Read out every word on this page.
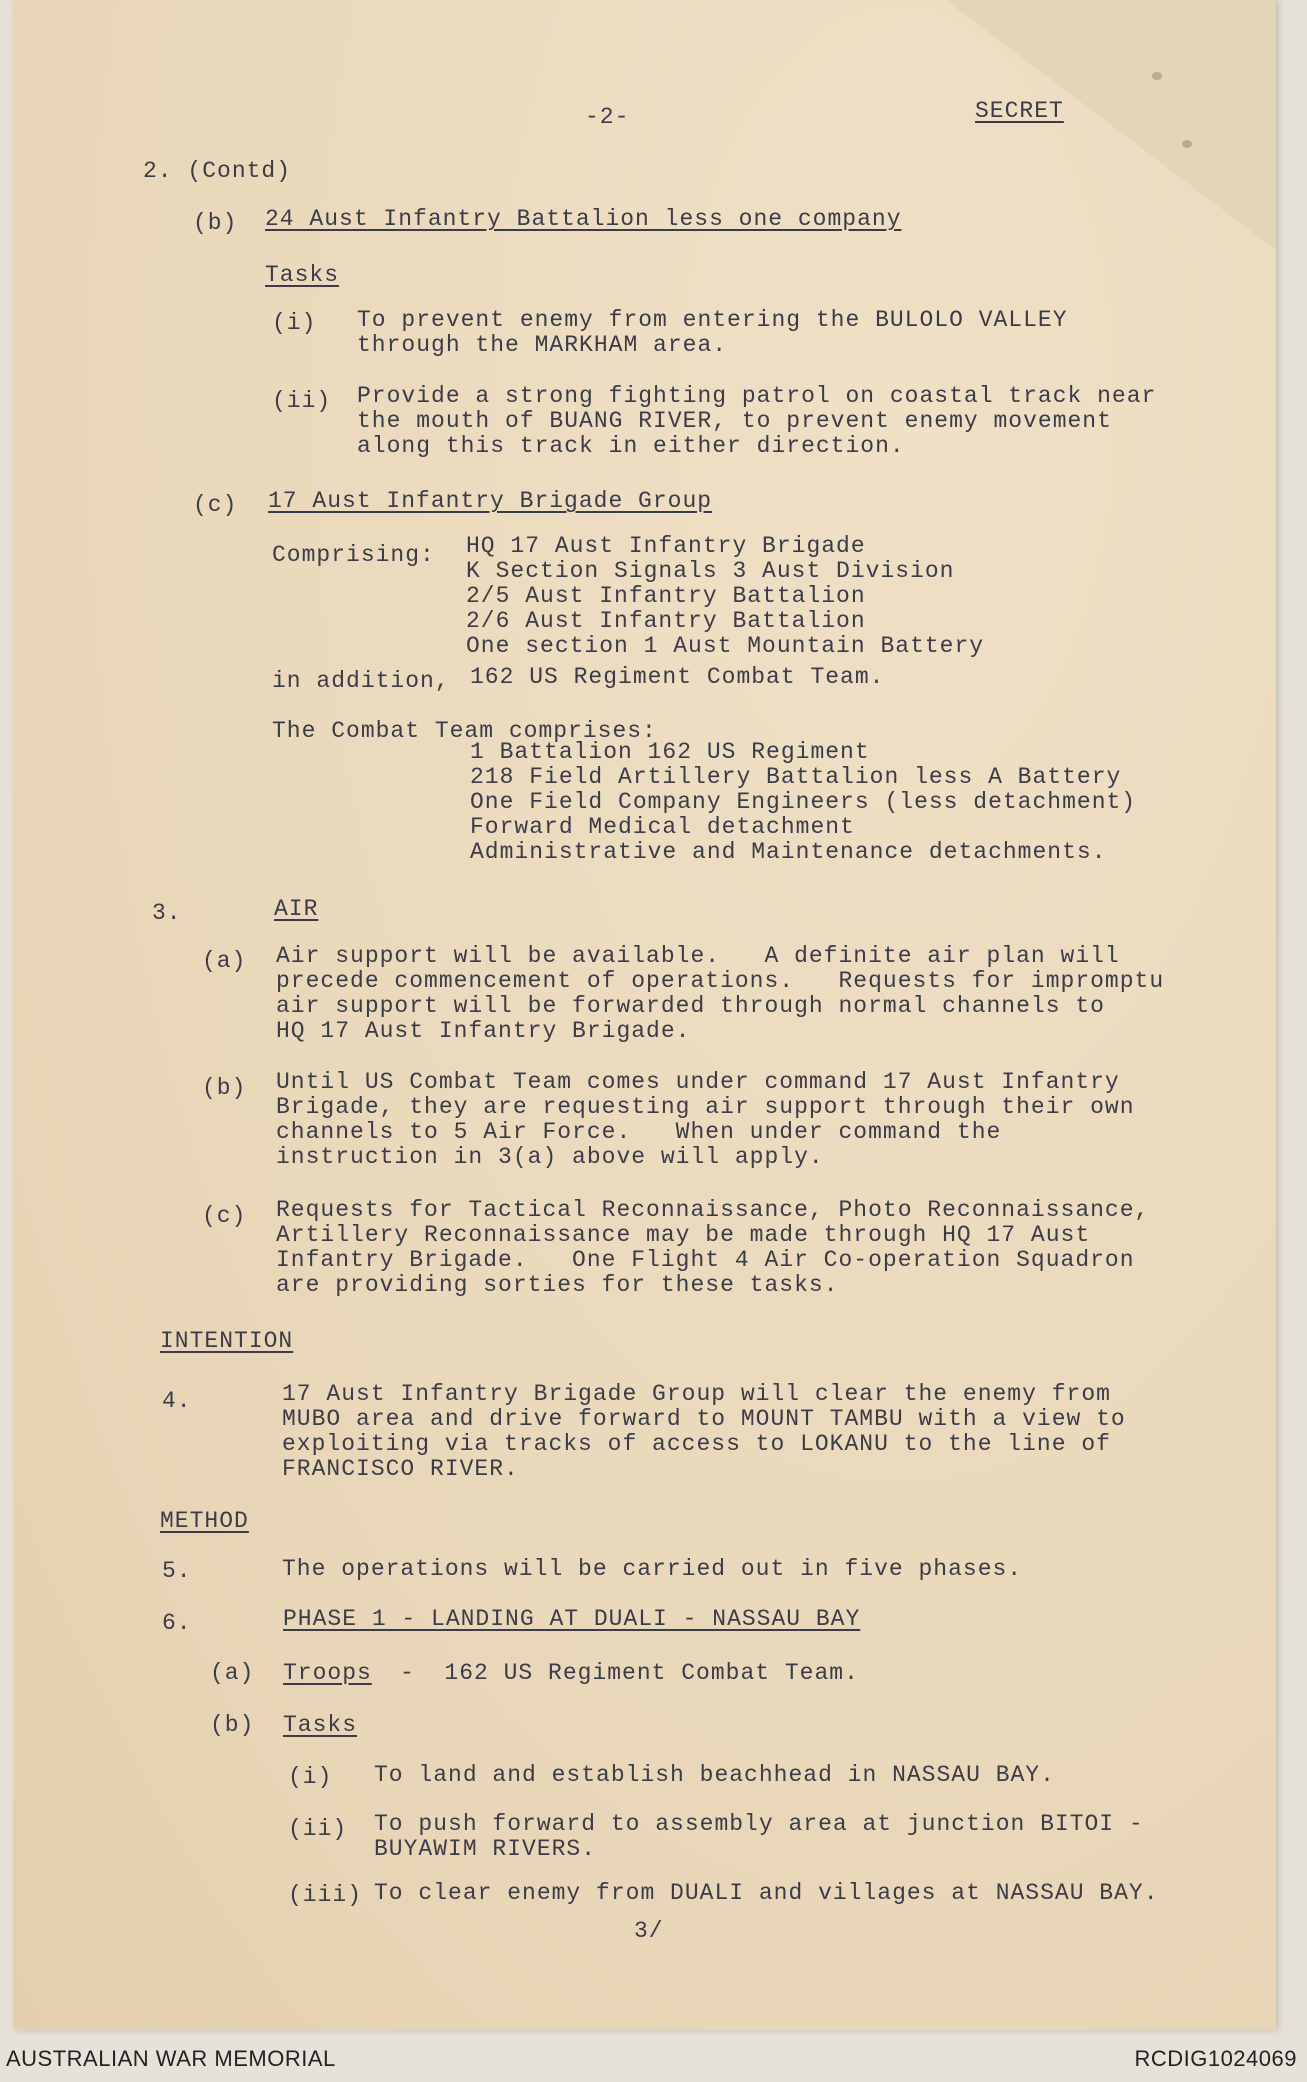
-2-	SECRET
2. (Contd)
(b) 24 Aust Infantry Battalion less one company
Tasks
(i) To prevent enemy from entering the BULOLO VALLEY
through the MARKHAM area.
(ii) Provide a strong fighting patrol on coastal track near
the mouth of BUANG RIVER, to prevent enemy movement
along this track in either direction.
(c) 17 Aust Infantry Brigade Group
Comprising: HQ 17 Aust Infantry Brigade
K Section Signals 3 Aust Division
2/5 Aust Infantry Battalion
2/6 Aust Infantry Battalion
One section 1 Aust Mountain Battery
in addition, 162 US Regiment Combat Team.
The Combat Team comprises:
1 Battalion 162 US Regiment
218 Field Artillery Battalion less A Battery
One Field Company Engineers (less detachment)
Forward Medical detachment
Administrative and Maintenance detachments.
3.	AIR
(a) Air support will be available.   A definite air plan will
precede commencement of operations.   Requests for impromptu
air support will be forwarded through normal channels to
HQ 17 Aust Infantry Brigade.
(b) Until US Combat Team comes under command 17 Aust Infantry
Brigade, they are requesting air support through their own
channels to 5 Air Force.   When under command the
instruction in 3(a) above will apply.
(c) Requests for Tactical Reconnaissance, Photo Reconnaissance,
Artillery Reconnaissance may be made through HQ 17 Aust
Infantry Brigade.   One Flight 4 Air Co-operation Squadron
are providing sorties for these tasks.
INTENTION
4.	17 Aust Infantry Brigade Group will clear the enemy from
MUBO area and drive forward to MOUNT TAMBU with a view to
exploiting via tracks of access to LOKANU to the line of
FRANCISCO RIVER.
METHOD
5.	The operations will be carried out in five phases.
6.	PHASE 1 - LANDING AT DUALI - NASSAU BAY
(a) Troops -  162 US Regiment Combat Team.
(b) Tasks
(i) To land and establish beachhead in NASSAU BAY.
(ii) To push forward to assembly area at junction BITOI -
BUYAWIM RIVERS.
(iii) To clear enemy from DUALI and villages at NASSAU BAY.
3/
AUSTRALIAN WAR MEMORIAL	RCDIG1024069
